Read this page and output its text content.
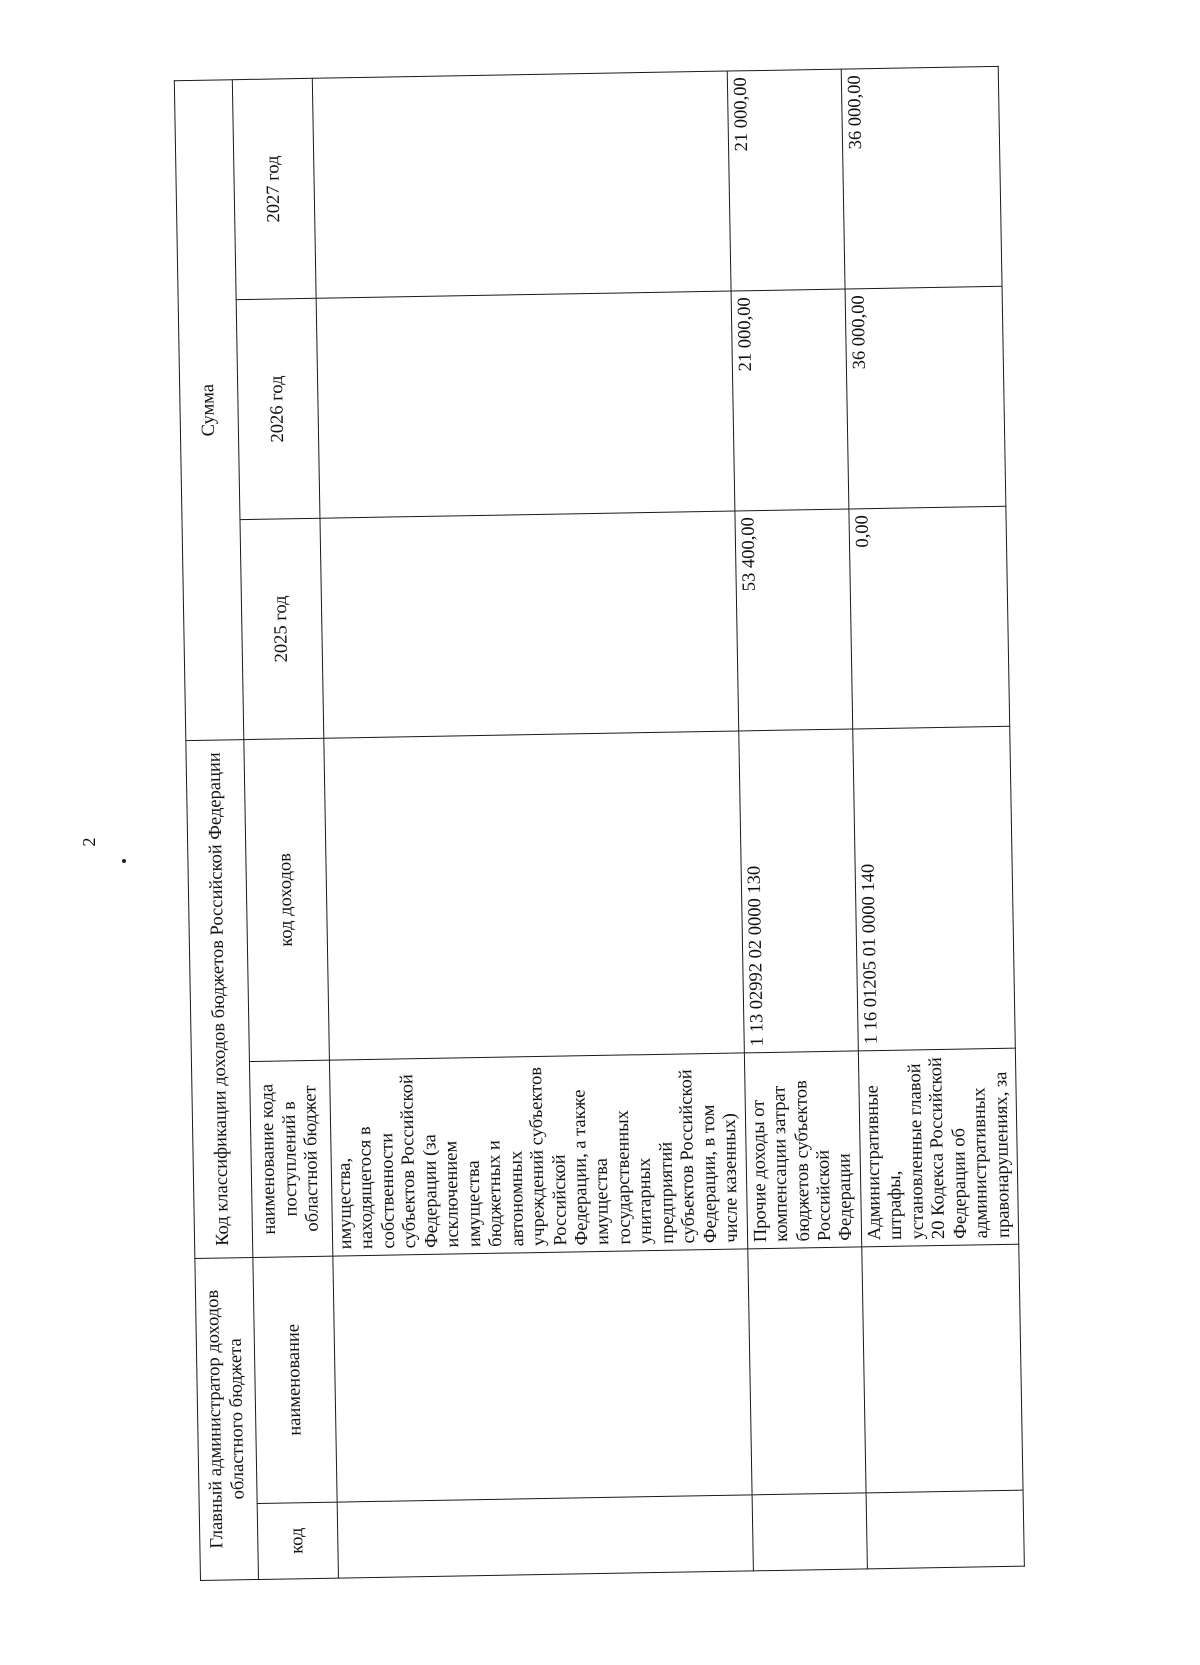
2
Главный администратор доходов областного бюджета		Код классификации доходов бюджетов Российской Федерации		Сумма		
код	наименование	наименование кода поступлений в областной бюджет	код доходов	2025 год	2026 год	2027 год
		имущества, находящегося в собственности субъектов Российской Федерации (за исключением имущества бюджетных и автономных учреждений субъектов Российской Федерации, а также имущества государственных унитарных предприятий субъектов Российской Федерации, в том числе казенных)				
		Прочие доходы от компенсации затрат бюджетов субъектов Российской Федерации	1 13 02992 02 0000 130	53 400,00	21 000,00	21 000,00
		Административные штрафы, установленные главой 20 Кодекса Российской Федерации об административных правонарушениях, за	1 16 01205 01 0000 140	0,00	36 000,00	36 000,00
